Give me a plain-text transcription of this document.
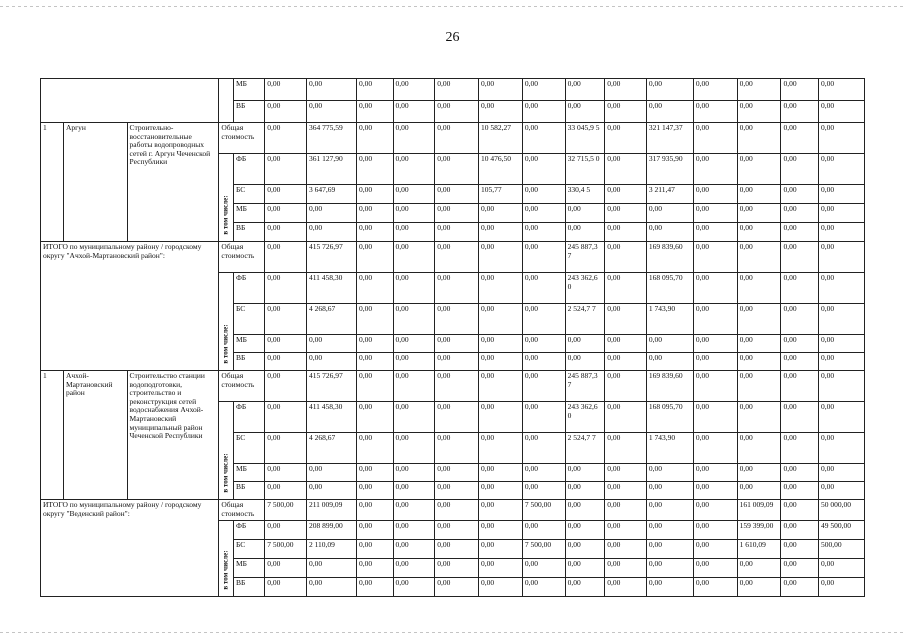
26
				МБ	0,00	0,00	0,00	0,00	0,00	0,00	0,00	0,00	0,00	0,00	0,00	0,00	0,00	0,00
				ВБ	0,00	0,00	0,00	0,00	0,00	0,00	0,00	0,00	0,00	0,00	0,00	0,00	0,00	0,00
1	Аргун	Строительно-восстановительные работы водопроводных сетей г. Аргун Чеченской Республики	Общая стоимость		0,00	364 775,59	0,00	0,00	0,00	10 582,27	0,00	33 045,9 5	0,00	321 147,37	0,00	0,00	0,00	0,00

			в том числе:	ФБ	0,00	361 127,90	0,00	0,00	0,00	10 476,50	0,00	32 715,5 0	0,00	317 935,90	0,00	0,00	0,00	0,00
				БС	0,00	3 647,69	0,00	0,00	0,00	105,77	0,00	330,4 5	0,00	3 211,47	0,00	0,00	0,00	0,00
				МБ	0,00	0,00	0,00	0,00	0,00	0,00	0,00	0,00	0,00	0,00	0,00	0,00	0,00	0,00
				ВБ	0,00	0,00	0,00	0,00	0,00	0,00	0,00	0,00	0,00	0,00	0,00	0,00	0,00	0,00
ИТОГО по муниципальному району / городскому округу "Ачхой-Мартановский район":			Общая стоимость		0,00	415 726,97	0,00	0,00	0,00	0,00	0,00	245 887,3 7	0,00	169 839,60	0,00	0,00	0,00	0,00

			в том числе:	ФБ	0,00	411 458,30	0,00	0,00	0,00	0,00	0,00	243 362,6 0	0,00	168 095,70	0,00	0,00	0,00	0,00
				БС	0,00	4 268,67	0,00	0,00	0,00	0,00	0,00	2 524,7 7	0,00	1 743,90	0,00	0,00	0,00	0,00
				МБ	0,00	0,00	0,00	0,00	0,00	0,00	0,00	0,00	0,00	0,00	0,00	0,00	0,00	0,00
				ВБ	0,00	0,00	0,00	0,00	0,00	0,00	0,00	0,00	0,00	0,00	0,00	0,00	0,00	0,00
1	Ачхой-Мартановский район	Строительство станции водоподготовки, строительство и реконструкция сетей водоснабжения Ачхой-Мартановский муниципальный район Чеченской Республики	Общая стоимость		0,00	415 726,97	0,00	0,00	0,00	0,00	0,00	245 887,3 7	0,00	169 839,60	0,00	0,00	0,00	0,00

			в том числе:	ФБ	0,00	411 458,30	0,00	0,00	0,00	0,00	0,00	243 362,6 0	0,00	168 095,70	0,00	0,00	0,00	0,00
				БС	0,00	4 268,67	0,00	0,00	0,00	0,00	0,00	2 524,7 7	0,00	1 743,90	0,00	0,00	0,00	0,00
				МБ	0,00	0,00	0,00	0,00	0,00	0,00	0,00	0,00	0,00	0,00	0,00	0,00	0,00	0,00
				ВБ	0,00	0,00	0,00	0,00	0,00	0,00	0,00	0,00	0,00	0,00	0,00	0,00	0,00	0,00
ИТОГО по муниципальному району / городскому округу "Веденский район":			Общая стоимость		7 500,00	211 009,09	0,00	0,00	0,00	0,00	7 500,00	0,00	0,00	0,00	0,00	161 009,09	0,00	50 000,00

			в том числе:	ФБ	0,00	208 899,00	0,00	0,00	0,00	0,00	0,00	0,00	0,00	0,00	0,00	159 399,00	0,00	49 500,00
				БС	7 500,00	2 110,09	0,00	0,00	0,00	0,00	7 500,00	0,00	0,00	0,00	0,00	1 610,09	0,00	500,00
				МБ	0,00	0,00	0,00	0,00	0,00	0,00	0,00	0,00	0,00	0,00	0,00	0,00	0,00	0,00
				ВБ	0,00	0,00	0,00	0,00	0,00	0,00	0,00	0,00	0,00	0,00	0,00	0,00	0,00	0,00
